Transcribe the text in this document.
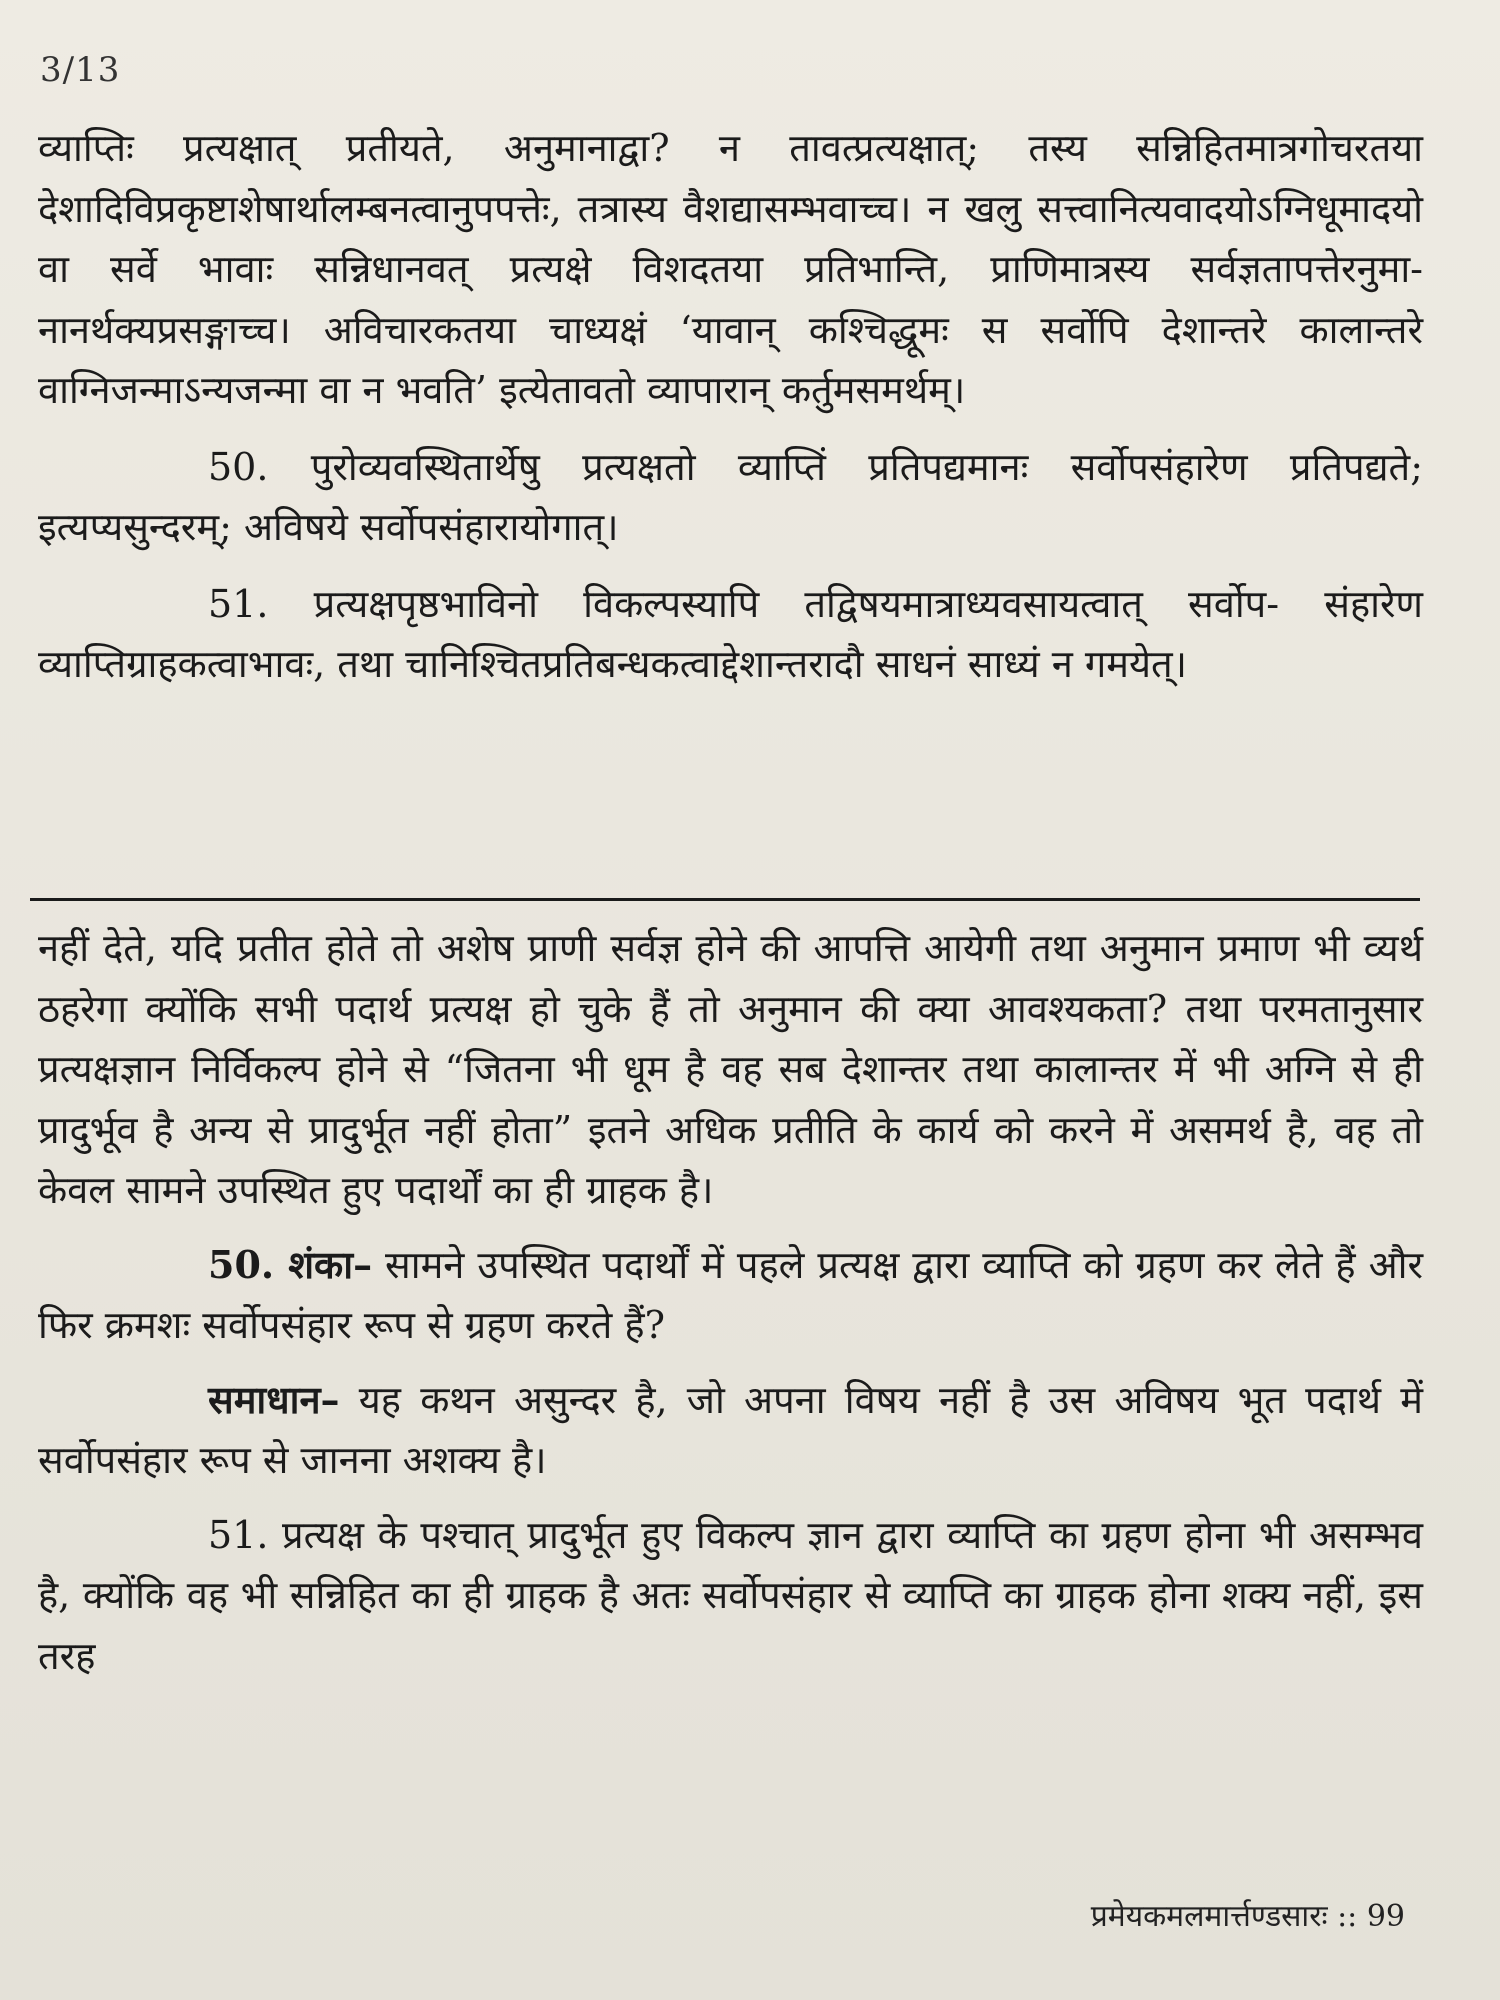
3/13

व्याप्तिः प्रत्यक्षात् प्रतीयते, अनुमानाद्वा? न तावत्प्रत्यक्षात्; तस्य सन्निहितमात्रगोचरतया देशादिविप्रकृष्टाशेषार्थालम्बनत्वानुपपत्तेः, तत्रास्य वैशद्यासम्भवाच्च। न खलु सत्त्वानित्यवादयोऽग्निधूमादयो वा सर्वे भावाः सन्निधानवत् प्रत्यक्षे विशदतया प्रतिभान्ति, प्राणिमात्रस्य सर्वज्ञतापत्तेरनुमा-नानर्थक्यप्रसङ्गाच्च। अविचारकतया चाध्यक्षं ‘यावान् कश्चिद्धूमः स सर्वोपि देशान्तरे कालान्तरे वाग्निजन्माऽन्यजन्मा वा न भवति’ इत्येतावतो व्यापारान् कर्तुमसमर्थम्।

50. पुरोव्यवस्थितार्थेषु प्रत्यक्षतो व्याप्तिं प्रतिपद्यमानः सर्वोपसंहारेण प्रतिपद्यते; इत्यप्यसुन्दरम्; अविषये सर्वोपसंहारायोगात्।

51. प्रत्यक्षपृष्ठभाविनो विकल्पस्यापि तद्विषयमात्राध्यवसायत्वात् सर्वोप- संहारेण व्याप्तिग्राहकत्वाभावः, तथा चानिश्चितप्रतिबन्धकत्वाद्देशान्तरादौ साधनं साध्यं न गमयेत्।

नहीं देते, यदि प्रतीत होते तो अशेष प्राणी सर्वज्ञ होने की आपत्ति आयेगी तथा अनुमान प्रमाण भी व्यर्थ ठहरेगा क्योंकि सभी पदार्थ प्रत्यक्ष हो चुके हैं तो अनुमान की क्या आवश्यकता? तथा परमतानुसार प्रत्यक्षज्ञान निर्विकल्प होने से “जितना भी धूम है वह सब देशान्तर तथा कालान्तर में भी अग्नि से ही प्रादुर्भूव है अन्य से प्रादुर्भूत नहीं होता” इतने अधिक प्रतीति के कार्य को करने में असमर्थ है, वह तो केवल सामने उपस्थित हुए पदार्थों का ही ग्राहक है।

50. शंका– सामने उपस्थित पदार्थों में पहले प्रत्यक्ष द्वारा व्याप्ति को ग्रहण कर लेते हैं और फिर क्रमशः सर्वोपसंहार रूप से ग्रहण करते हैं?

समाधान– यह कथन असुन्दर है, जो अपना विषय नहीं है उस अविषय भूत पदार्थ में सर्वोपसंहार रूप से जानना अशक्य है।

51. प्रत्यक्ष के पश्चात् प्रादुर्भूत हुए विकल्प ज्ञान द्वारा व्याप्ति का ग्रहण होना भी असम्भव है, क्योंकि वह भी सन्निहित का ही ग्राहक है अतः सर्वोपसंहार से व्याप्ति का ग्राहक होना शक्य नहीं, इस तरह

प्रमेयकमलमार्त्तण्डसारः :: 99
